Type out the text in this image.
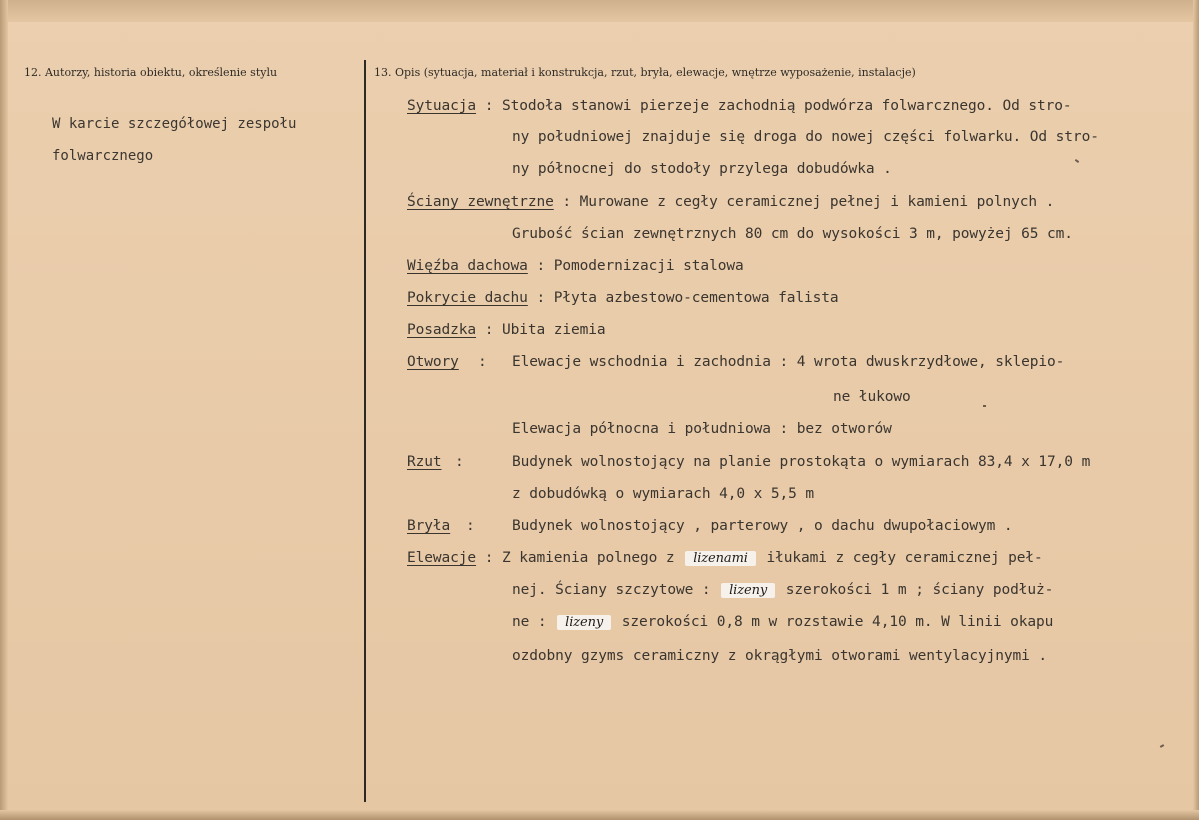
12. Autorzy, historia obiektu, określenie stylu	13. Opis (sytuacja, materiał i konstrukcja, rzut, bryła, elewacje, wnętrze wyposażenie, instalacje)
W karcie szczegółowej zespołu
folwarcznego
Sytuacja : Stodoła stanowi pierzeje zachodnią podwórza folwarcznego. Od stro-
ny południowej znajduje się droga do nowej części folwarku. Od stro-
ny północnej do stodoły przylega dobudówka .
Ściany zewnętrzne : Murowane z cegły ceramicznej pełnej i kamieni polnych .
Grubość ścian zewnętrznych 80 cm do wysokości 3 m, powyżej 65 cm.
Więźba dachowa : Pomodernizacji stalowa
Pokrycie dachu : Płyta azbestowo-cementowa falista
Posadzka : Ubita ziemia
Otwory : Elewacje wschodnia i zachodnia : 4 wrota dwuskrzydłowe, sklepio-
ne łukowo
Elewacja północna i południowa : bez otworów
Rzut :	Budynek wolnostojący na planie prostokąta o wymiarach 83,4 x 17,0 m
z dobudówką o wymiarach 4,0 x 5,5 m
Bryła :	Budynek wolnostojący , parterowy , o dachu dwupołaciowym .
Elewacje : Z kamienia polnego z lizenami iłukami z cegły ceramicznej peł-
nej. Ściany szczytowe : lizeny szerokości 1 m ; ściany podłuż-
ne : lizeny szerokości 0,8 m w rozstawie 4,10 m. W linii okapu
ozdobny gzyms ceramiczny z okrągłymi otworami wentylacyjnymi .
